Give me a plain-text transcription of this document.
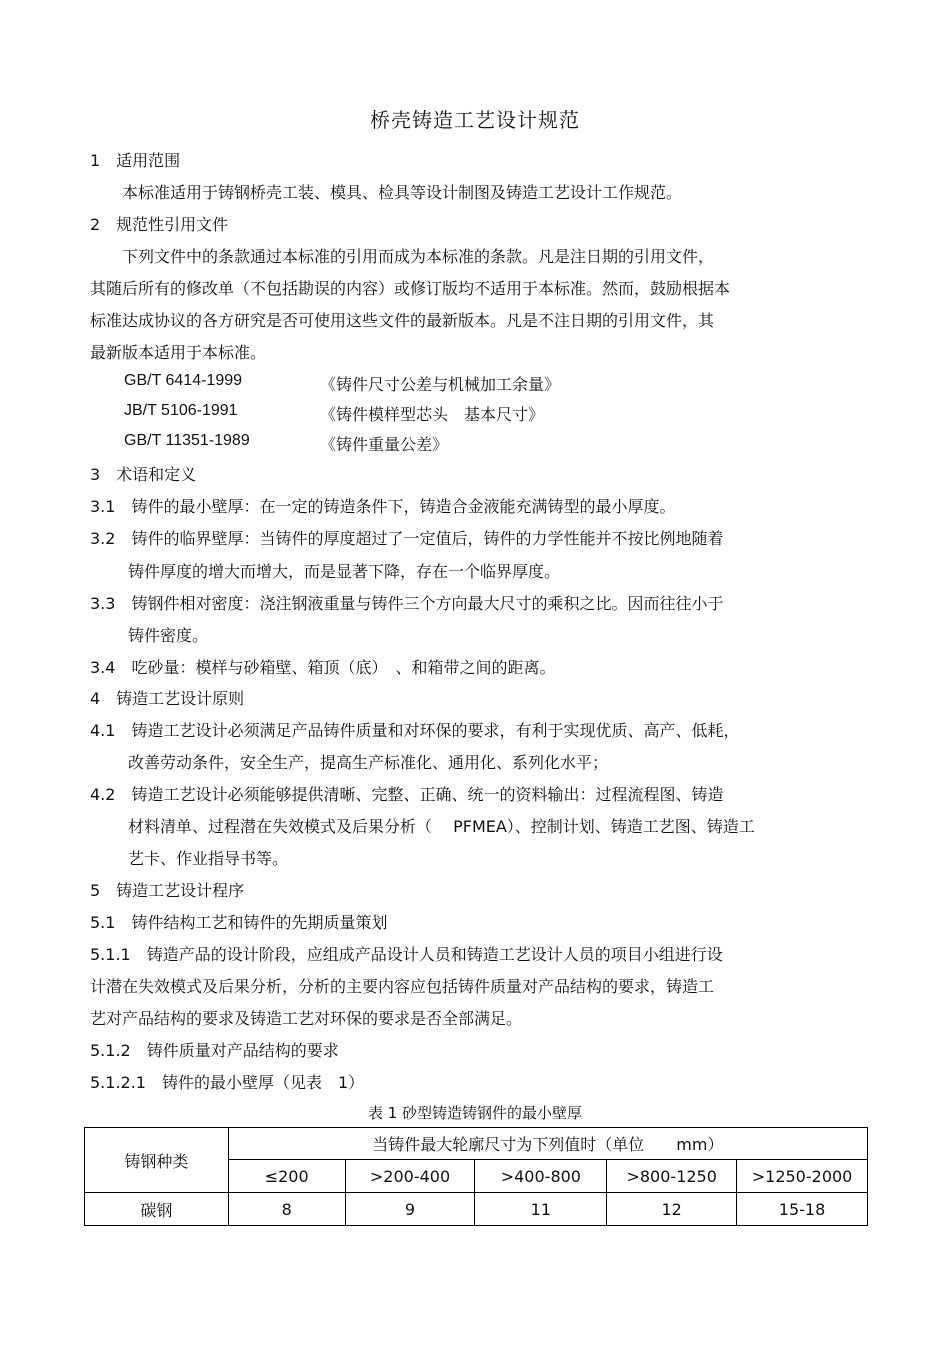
桥壳铸造工艺设计规范
1　适用范围
本标准适用于铸钢桥壳工装、模具、检具等设计制图及铸造工艺设计工作规范。
2　规范性引用文件
下列文件中的条款通过本标准的引用而成为本标准的条款。凡是注日期的引用文件，
其随后所有的修改单（不包括勘误的内容）或修订版均不适用于本标准。然而，鼓励根据本
标准达成协议的各方研究是否可使用这些文件的最新版本。凡是不注日期的引用文件，其
最新版本适用于本标准。
GB/T 6414-1999	《铸件尺寸公差与机械加工余量》
JB/T 5106-1991	《铸件模样型芯头　基本尺寸》
GB/T 11351-1989	《铸件重量公差》
3　术语和定义
3.1　铸件的最小壁厚：在一定的铸造条件下，铸造合金液能充满铸型的最小厚度。
3.2　铸件的临界壁厚：当铸件的厚度超过了一定值后，铸件的力学性能并不按比例地随着
铸件厚度的增大而增大，而是显著下降，存在一个临界厚度。
3.3　铸钢件相对密度：浇注钢液重量与铸件三个方向最大尺寸的乘积之比。因而往往小于
铸件密度。
3.4　吃砂量：模样与砂箱壁、箱顶（底）　、和箱带之间的距离。
4　铸造工艺设计原则
4.1　铸造工艺设计必须满足产品铸件质量和对环保的要求，有利于实现优质、高产、低耗，
改善劳动条件，安全生产，提高生产标准化、通用化、系列化水平；
4.2　铸造工艺设计必须能够提供清晰、完整、正确、统一的资料输出：过程流程图、铸造
材料清单、过程潜在失效模式及后果分析（　 PFMEA）、控制计划、铸造工艺图、铸造工
艺卡、作业指导书等。
5　铸造工艺设计程序
5.1　铸件结构工艺和铸件的先期质量策划
5.1.1　铸造产品的设计阶段，应组成产品设计人员和铸造工艺设计人员的项目小组进行设
计潜在失效模式及后果分析，分析的主要内容应包括铸件质量对产品结构的要求，铸造工
艺对产品结构的要求及铸造工艺对环保的要求是否全部满足。
5.1.2　铸件质量对产品结构的要求
5.1.2.1　铸件的最小壁厚（见表　1）
表 1 砂型铸造铸钢件的最小壁厚
铸钢种类	当铸件最大轮廓尺寸为下列值时（单位　　mm）				
	≤200	>200-400	>400-800	>800-1250	>1250-2000
碳钢	8	9	11	12	15-18
